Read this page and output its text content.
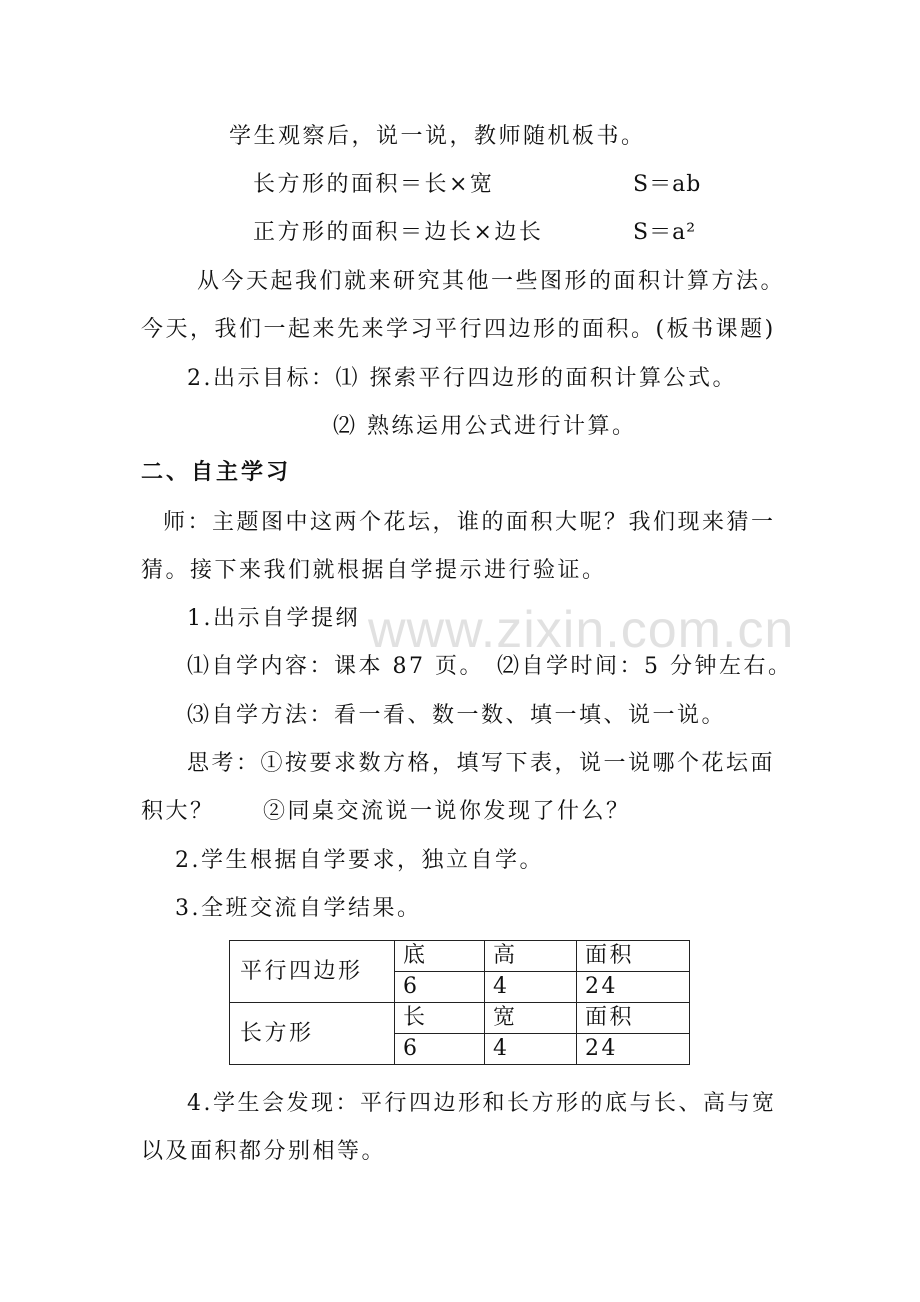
www.zixin.com.cn
学生观察后，说一说，教师随机板书。
长方形的面积＝长×宽	S＝ab
正方形的面积＝边长×边长	S＝a²
从今天起我们就来研究其他一些图形的面积计算方法。
今天，我们一起来先来学习平行四边形的面积。(板书课题)
2.出示目标：⑴ 探索平行四边形的面积计算公式。
⑵ 熟练运用公式进行计算。
二、自主学习
师：主题图中这两个花坛，谁的面积大呢？我们现来猜一
猜。接下来我们就根据自学提示进行验证。
1.出示自学提纲
⑴自学内容：课本 87 页。 ⑵自学时间：5 分钟左右。
⑶自学方法：看一看、数一数、填一填、说一说。
思考：①按要求数方格，填写下表，说一说哪个花坛面
积大？ ②同桌交流说一说你发现了什么？
2.学生根据自学要求，独立自学。
3.全班交流自学结果。
平行四边形	底	高	面积
	6	4	24
长方形	长	宽	面积
	6	4	24
4.学生会发现：平行四边形和长方形的底与长、高与宽
以及面积都分别相等。
